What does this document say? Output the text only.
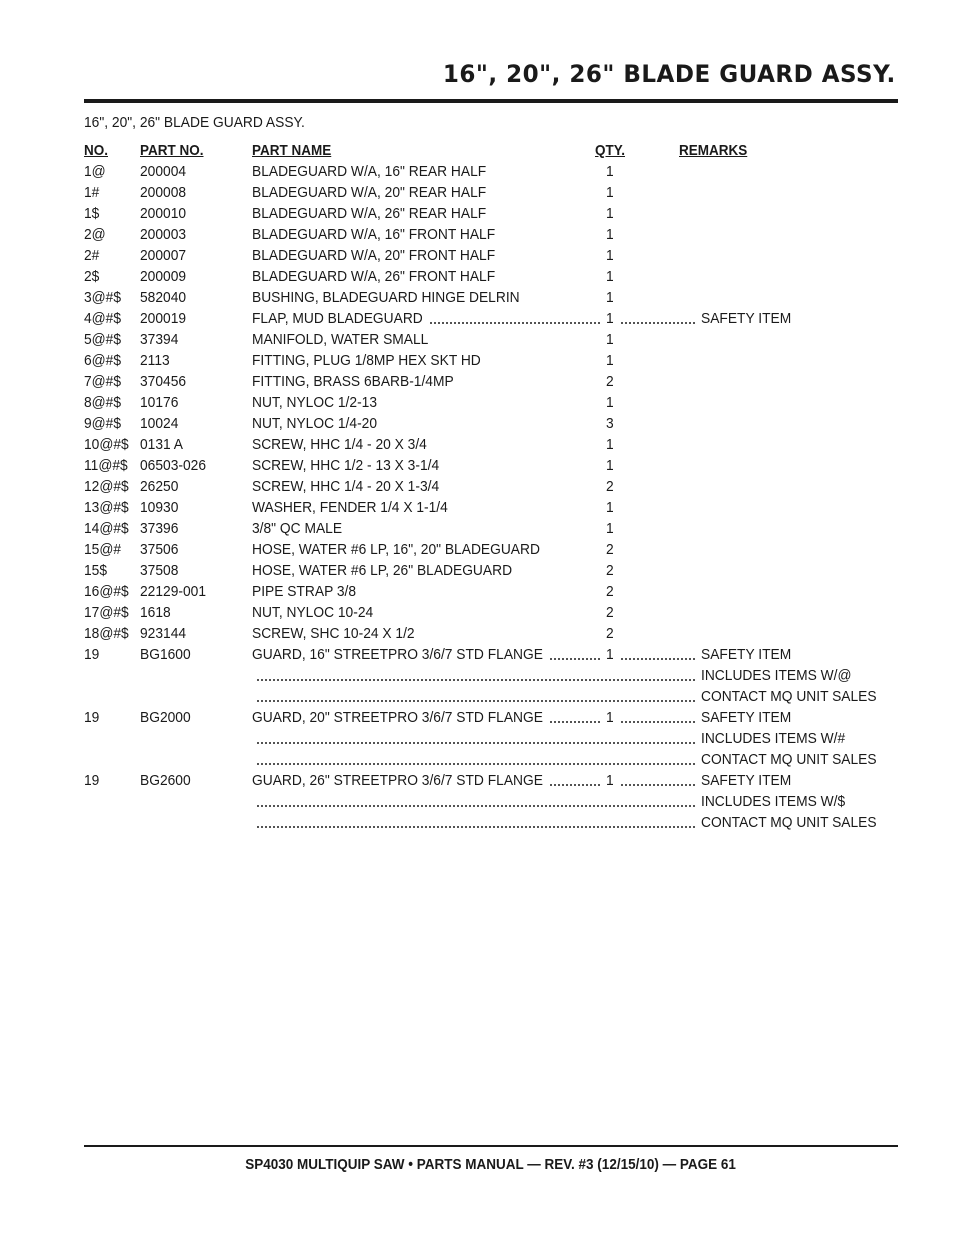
16", 20", 26" BLADE GUARD ASSY.
16", 20", 26" BLADE GUARD ASSY.
NO. PART NO.	PART NAME	QTY.	REMARKS
1@ 200004	BLADEGUARD W/A, 16" REAR HALF	1
1#	200008	BLADEGUARD W/A, 20" REAR HALF	1
1$	200010	BLADEGUARD W/A, 26" REAR HALF	1
2@ 200003	BLADEGUARD W/A, 16" FRONT HALF	1
2#	200007	BLADEGUARD W/A, 20" FRONT HALF	1
2$	200009	BLADEGUARD W/A, 26" FRONT HALF	1
3@#$ 582040	BUSHING, BLADEGUARD HINGE DELRIN	1
4@#$ 200019	FLAP, MUD BLADEGUARD	1	SAFETY ITEM
5@#$ 37394	MANIFOLD, WATER SMALL	1
6@#$ 2113	FITTING, PLUG 1/8MP HEX SKT HD	1
7@#$ 370456	FITTING, BRASS 6BARB-1/4MP	2
8@#$ 10176	NUT, NYLOC 1/2-13	1
9@#$ 10024	NUT, NYLOC 1/4-20	3
10@#$ 0131 A	SCREW, HHC 1/4 - 20 X 3/4	1
11@#$ 06503-026	SCREW, HHC 1/2 - 13 X 3-1/4	1
12@#$ 26250	SCREW, HHC 1/4 - 20 X 1-3/4	2
13@#$ 10930	WASHER, FENDER 1/4 X 1-1/4	1
14@#$ 37396	3/8" QC MALE	1
15@# 37506	HOSE, WATER #6 LP, 16", 20" BLADEGUARD	2
15$ 37508	HOSE, WATER #6 LP, 26" BLADEGUARD	2
16@#$ 22129-001	PIPE STRAP 3/8	2
17@#$ 1618	NUT, NYLOC 10-24	2
18@#$ 923144	SCREW, SHC 10-24 X 1/2	2
19	BG1600	GUARD, 16" STREETPRO 3/6/7 STD FLANGE	1	SAFETY ITEM
INCLUDES ITEMS W/@
CONTACT MQ UNIT SALES
19	BG2000	GUARD, 20" STREETPRO 3/6/7 STD FLANGE	1	SAFETY ITEM
INCLUDES ITEMS W/#
CONTACT MQ UNIT SALES
19	BG2600	GUARD, 26" STREETPRO 3/6/7 STD FLANGE	1	SAFETY ITEM
INCLUDES ITEMS W/$
CONTACT MQ UNIT SALES
SP4030 MULTIQUIP SAW • PARTS MANUAL — REV. #3 (12/15/10) — PAGE 61
